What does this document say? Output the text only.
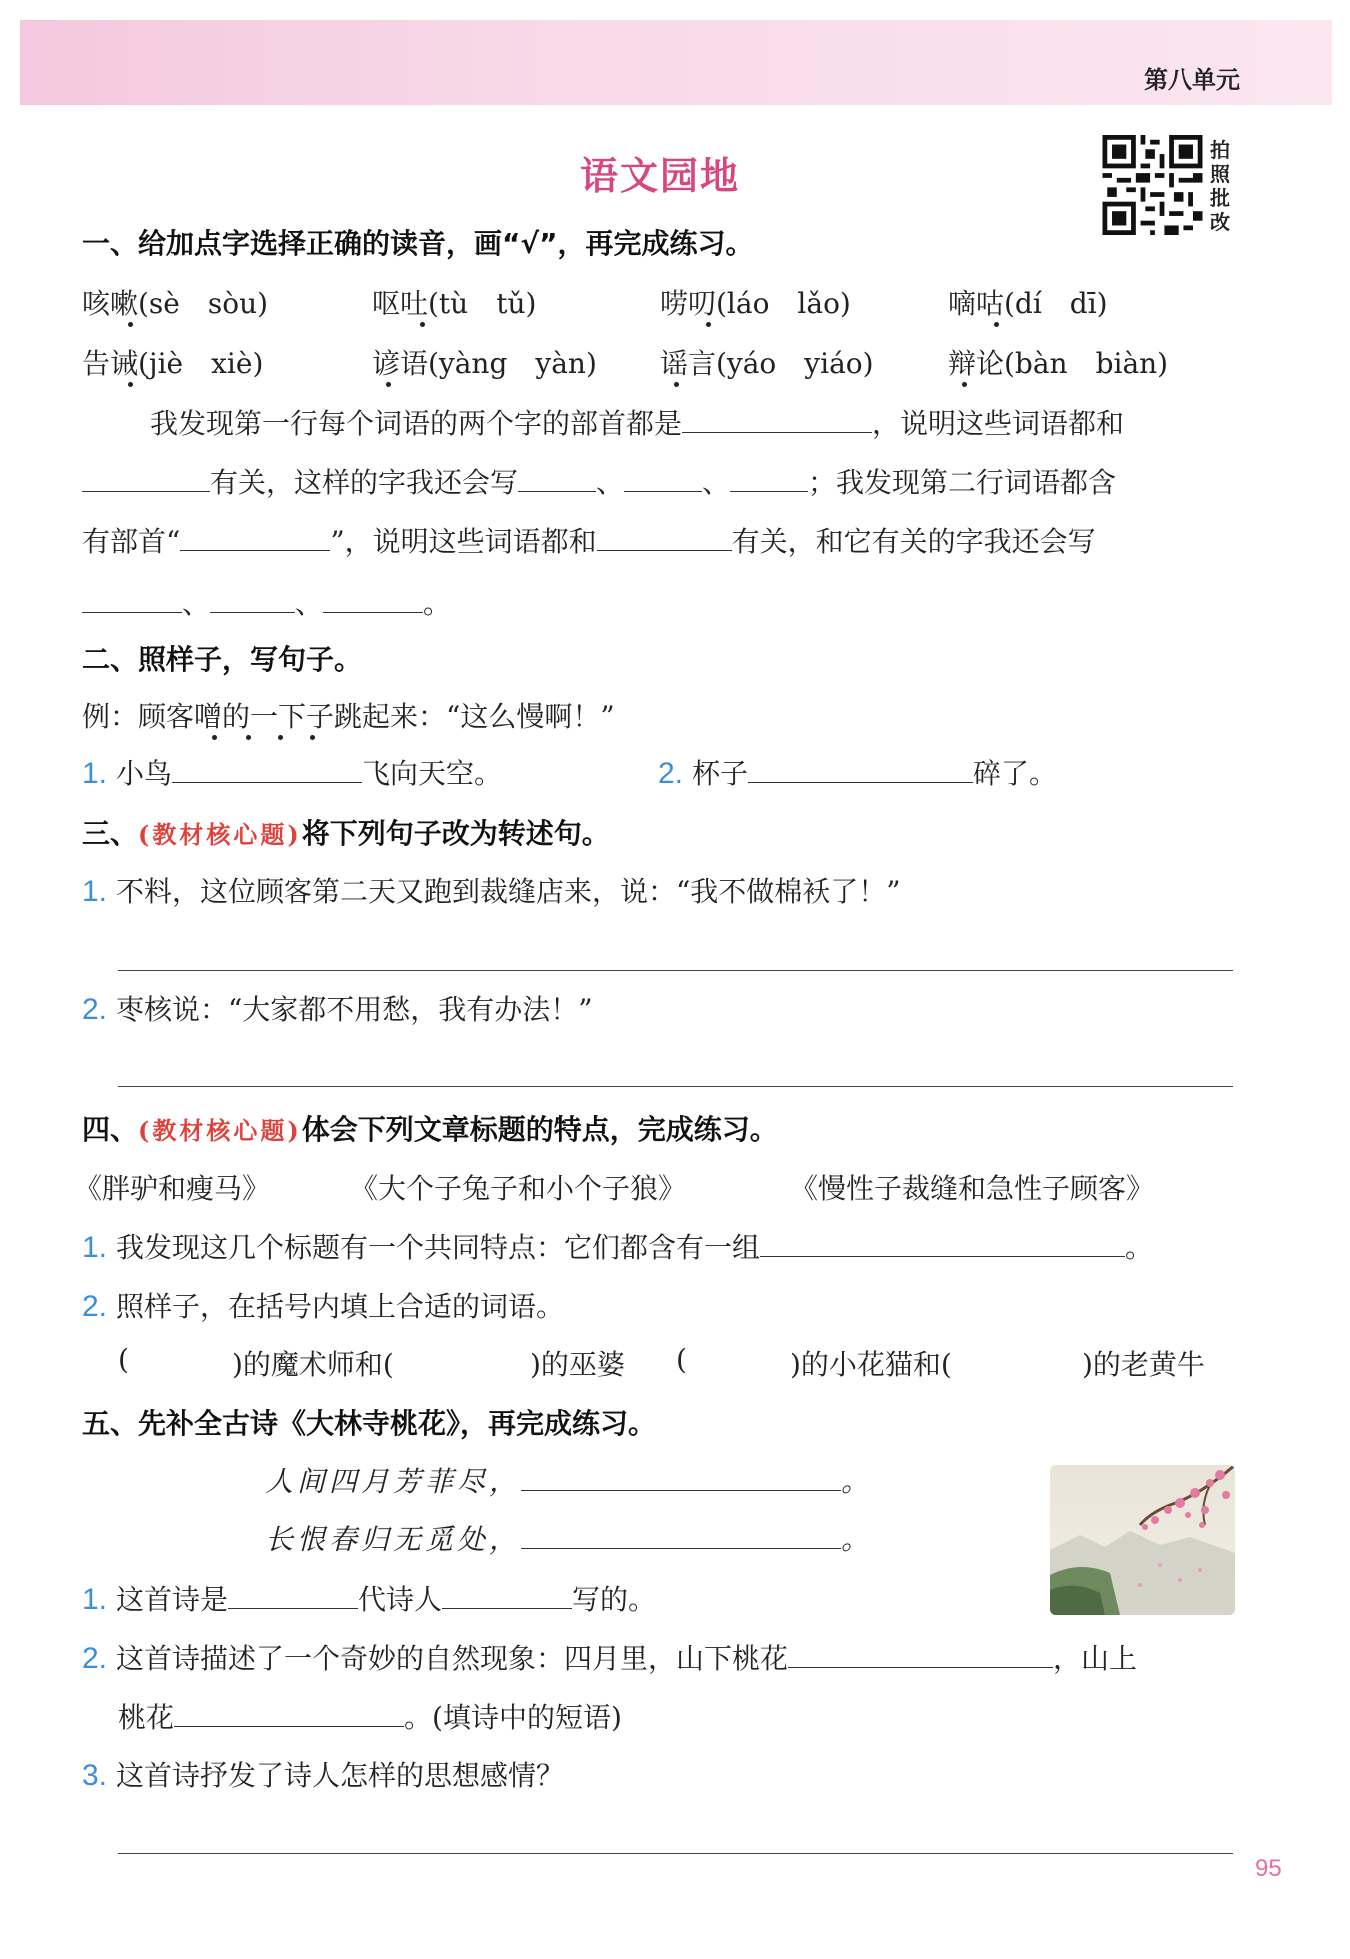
第八单元
语文园地
拍
照
批
改
一、给加点字选择正确的读音，画“√”，再完成练习。
咳嗽(sè　sòu)	呕吐(tù　tǔ)	唠叨(láo　lǎo)	嘀咕(dí　dī)
告诫(jiè　xiè)	谚语(yàng　yàn) 谣言(yáo　yiáo)	辩论(bàn　biàn)
我发现第一行每个词语的两个字的部首都是	，说明这些词语都和
有关，这样的字我还会写	、	、	；我发现第二行词语都含
有部首“	”，说明这些词语都和	有关，和它有关的字我还会写
、	、	。
二、照样子，写句子。
例：顾客噌的一下子跳起来：“这么慢啊！”
1. 小鸟	飞向天空。	2. 杯子	碎了。
三、(教材核心题)将下列句子改为转述句。
1. 不料，这位顾客第二天又跑到裁缝店来，说：“我不做棉袄了！”
2. 枣核说：“大家都不用愁，我有办法！”
四、(教材核心题)体会下列文章标题的特点，完成练习。
《胖驴和瘦马》	《大个子兔子和小个子狼》	《慢性子裁缝和急性子顾客》
1. 我发现这几个标题有一个共同特点：它们都含有一组	。
2. 照样子，在括号内填上合适的词语。
(	)的魔术师和(	)的巫婆 (	)的小花猫和(	)的老黄牛
五、先补全古诗《大林寺桃花》，再完成练习。
人间四月芳菲尽，	。
长恨春归无觅处，	。
1. 这首诗是	代诗人	写的。
2. 这首诗描述了一个奇妙的自然现象：四月里，山下桃花	，山上
桃花	。(填诗中的短语)
3. 这首诗抒发了诗人怎样的思想感情？
95
